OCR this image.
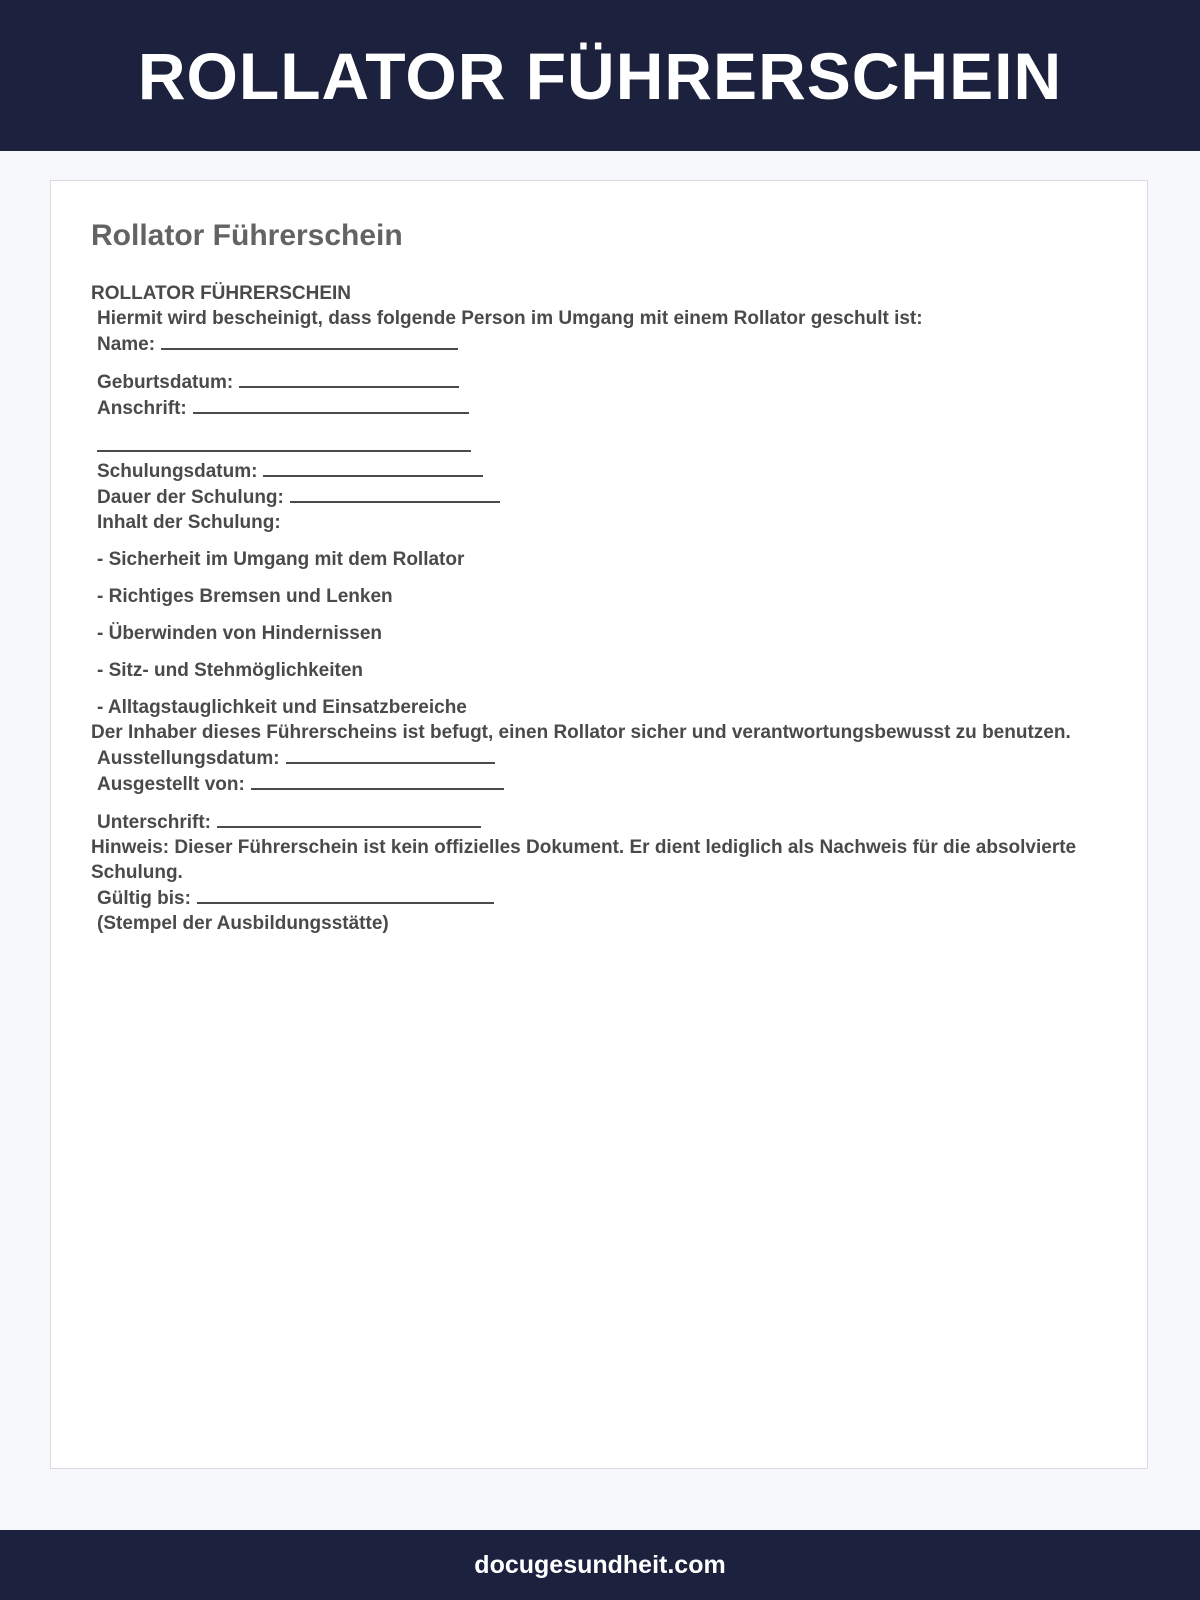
ROLLATOR FÜHRERSCHEIN
Rollator Führerschein
ROLLATOR FÜHRERSCHEIN
Hiermit wird bescheinigt, dass folgende Person im Umgang mit einem Rollator geschult ist:
Name:
Geburtsdatum:
Anschrift:
Schulungsdatum:
Dauer der Schulung:
Inhalt der Schulung:
- Sicherheit im Umgang mit dem Rollator
- Richtiges Bremsen und Lenken
- Überwinden von Hindernissen
- Sitz- und Stehmöglichkeiten
- Alltagstauglichkeit und Einsatzbereiche
Der Inhaber dieses Führerscheins ist befugt, einen Rollator sicher und verantwortungsbewusst zu benutzen.
Ausstellungsdatum:
Ausgestellt von:
Unterschrift:
Hinweis: Dieser Führerschein ist kein offizielles Dokument. Er dient lediglich als Nachweis für die absolvierte Schulung.
Gültig bis:
(Stempel der Ausbildungsstätte)
docugesundheit.com
